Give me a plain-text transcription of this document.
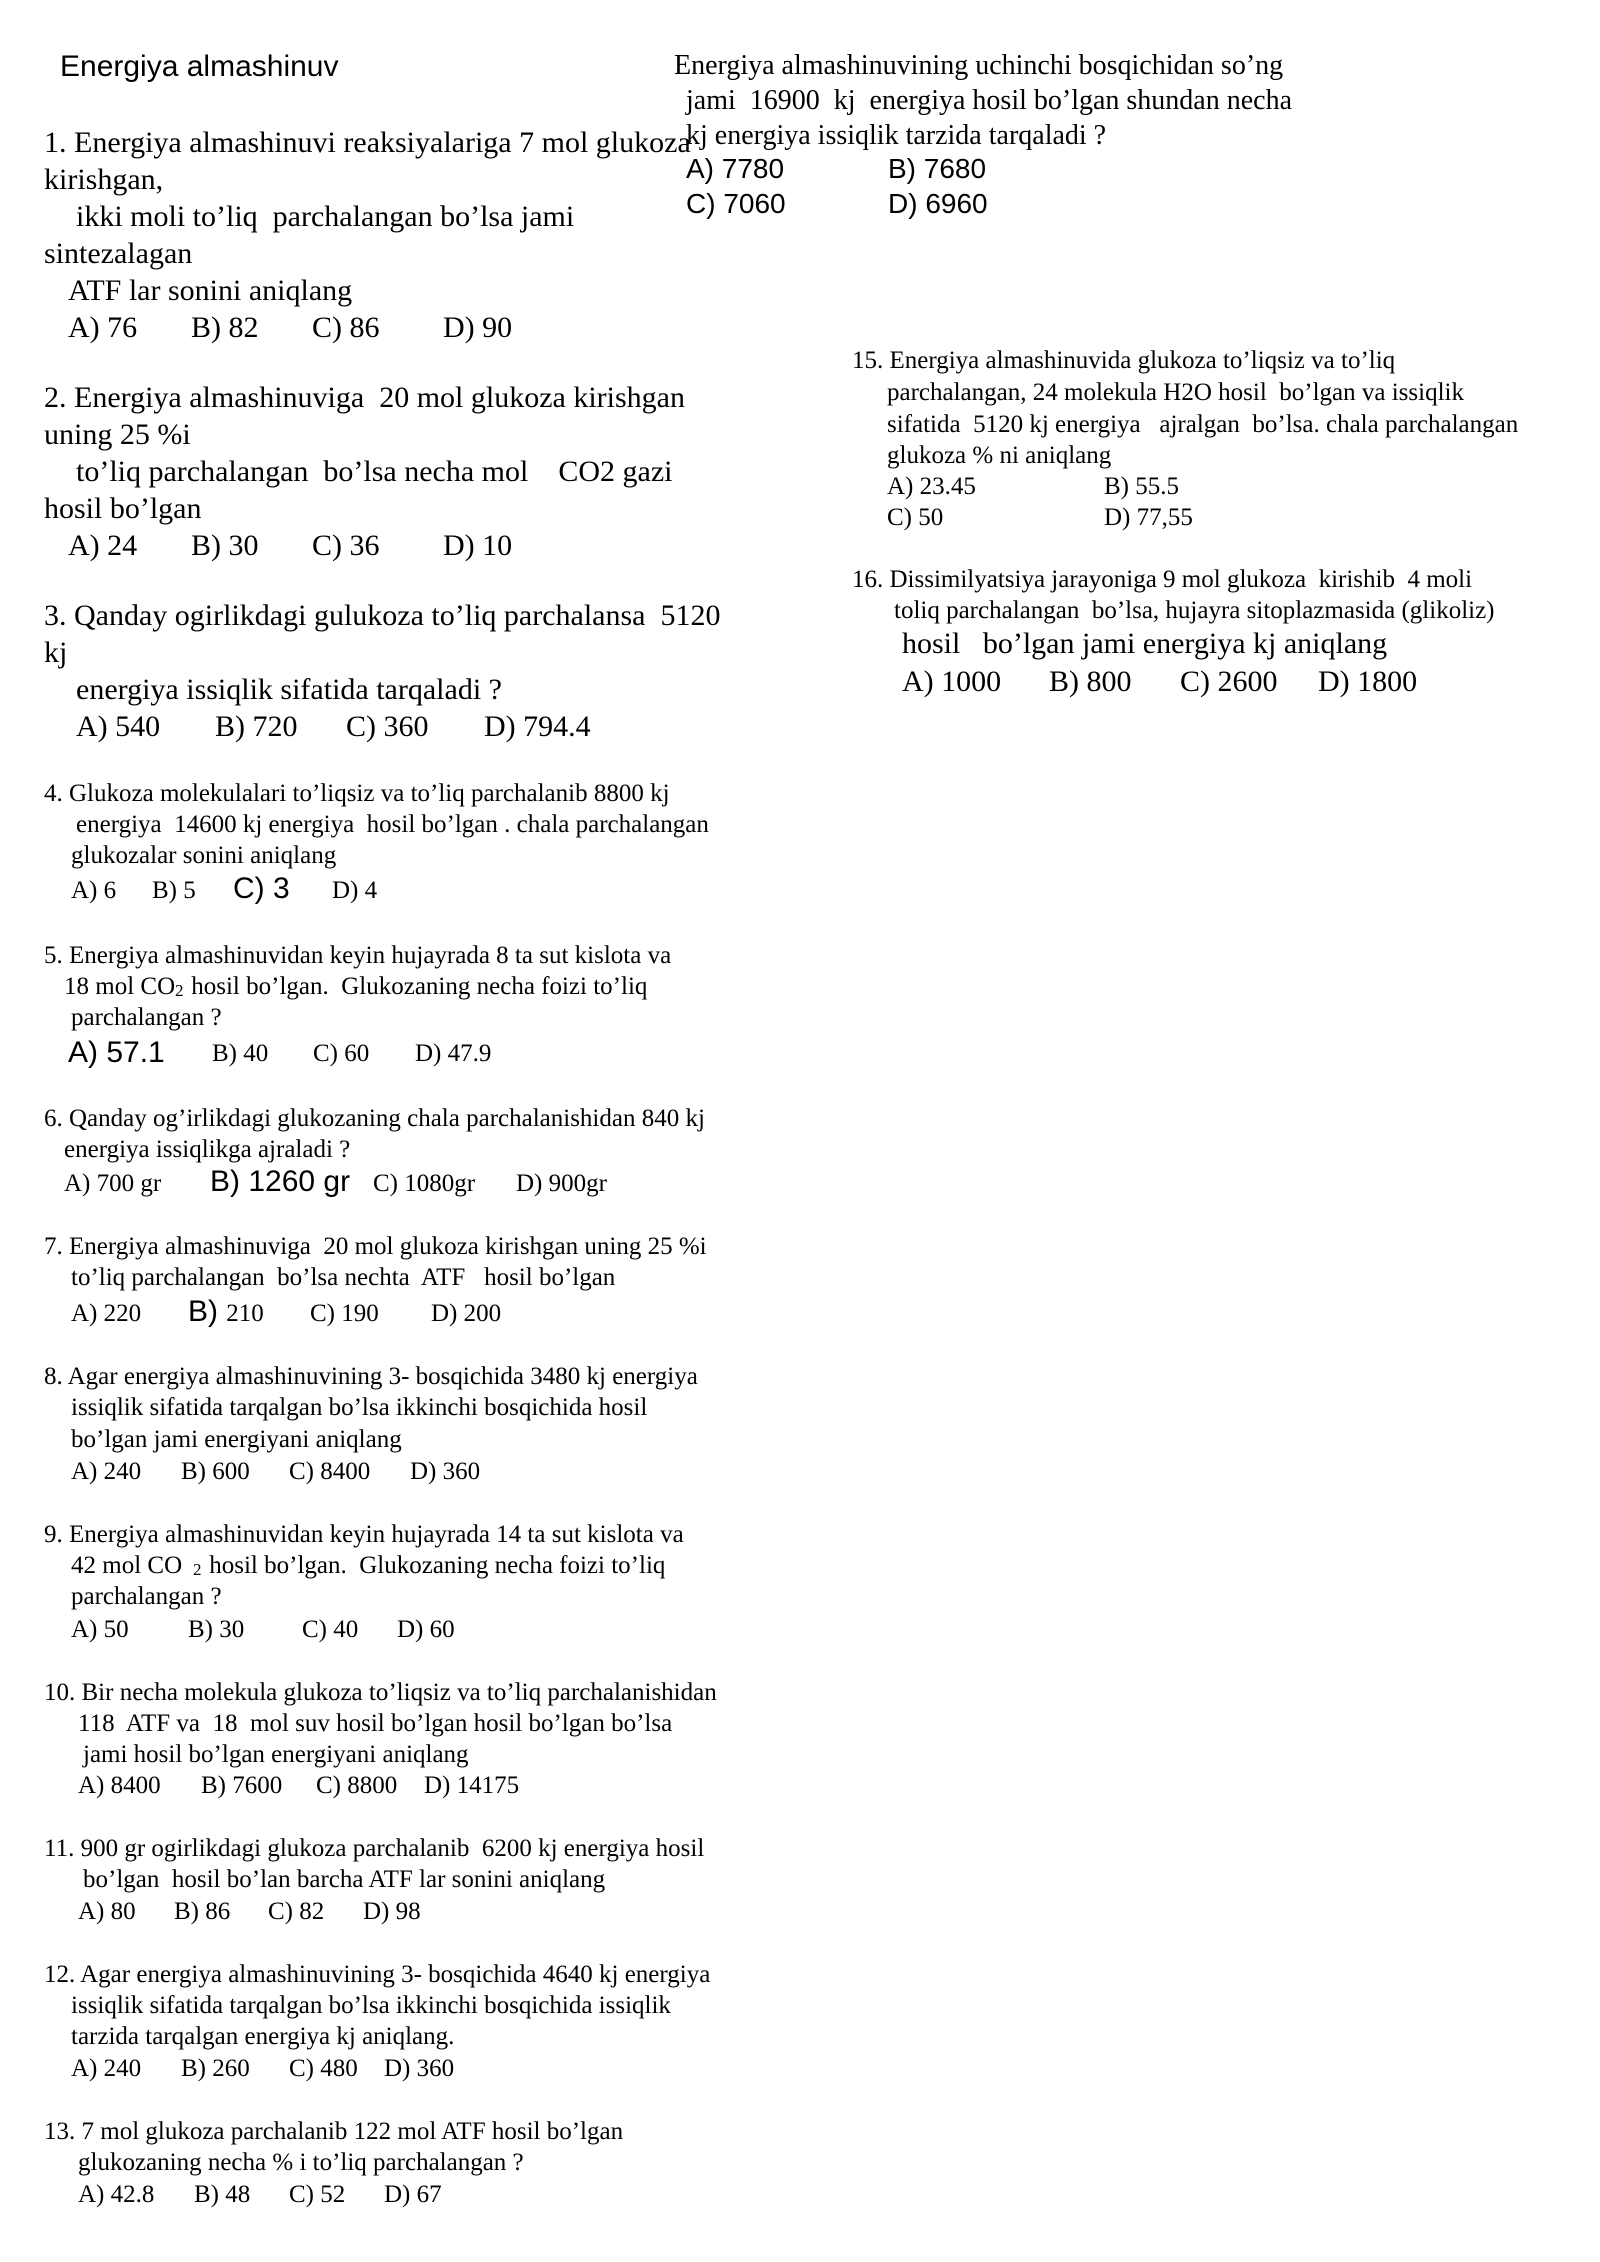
Energiya almashinuv
1. Energiya almashinuvi reaksiyalariga 7 mol glukoza
kirishgan,
ikki moli to’liq  parchalangan bo’lsa jami
sintezalagan
ATF lar sonini aniqlang
A) 76 B) 82 C) 86 D) 90
2. Energiya almashinuviga  20 mol glukoza kirishgan
uning 25 %i
to’liq parchalangan  bo’lsa necha mol    CO2 gazi
hosil bo’lgan
A) 24 B) 30 C) 36 D) 10
3. Qanday ogirlikdagi gulukoza to’liq parchalansa  5120
kj
energiya issiqlik sifatida tarqaladi ?
A) 540 B) 720 C) 360 D) 794.4
4. Glukoza molekulalari to’liqsiz va to’liq parchalanib 8800 kj
energiya  14600 kj energiya  hosil bo’lgan . chala parchalangan
glukozalar sonini aniqlang
A) 6 B) 5 C) 3 D) 4
5. Energiya almashinuvidan keyin hujayrada 8 ta sut kislota va
18 mol CO 2 hosil bo’lgan.  Glukozaning necha foizi to’liq
parchalangan ?
A) 57.1 B) 40 C) 60 D) 47.9
6. Qanday og’irlikdagi glukozaning chala parchalanishidan 840 kj
energiya issiqlikga ajraladi ?
A) 700 gr B) 1260 gr C) 1080gr D) 900gr
7. Energiya almashinuviga  20 mol glukoza kirishgan uning 25 %i
to’liq parchalangan  bo’lsa nechta  ATF   hosil bo’lgan
A) 220 B) 210 C) 190 D) 200
8. Agar energiya almashinuvining 3- bosqichida 3480 kj energiya
issiqlik sifatida tarqalgan bo’lsa ikkinchi bosqichida hosil
bo’lgan jami energiyani aniqlang
A) 240 B) 600 C) 8400 D) 360
9. Energiya almashinuvidan keyin hujayrada 14 ta sut kislota va
42 mol CO 2 hosil bo’lgan.  Glukozaning necha foizi to’liq
parchalangan ?
A) 50 B) 30 C) 40 D) 60
10. Bir necha molekula glukoza to’liqsiz va to’liq parchalanishidan
118  ATF va  18  mol suv hosil bo’lgan hosil bo’lgan bo’lsa
jami hosil bo’lgan energiyani aniqlang
A) 8400 B) 7600 C) 8800 D) 14175
11. 900 gr ogirlikdagi glukoza parchalanib  6200 kj energiya hosil
bo’lgan  hosil bo’lan barcha ATF lar sonini aniqlang
A) 80 B) 86 C) 82 D) 98
12. Agar energiya almashinuvining 3- bosqichida 4640 kj energiya
issiqlik sifatida tarqalgan bo’lsa ikkinchi bosqichida issiqlik
tarzida tarqalgan energiya kj aniqlang.
A) 240 B) 260 C) 480 D) 360
13. 7 mol glukoza parchalanib 122 mol ATF hosil bo’lgan
glukozaning necha % i to’liq parchalangan ?
A) 42.8 B) 48 C) 52 D) 67
Energiya almashinuvining uchinchi bosqichidan so’ng
jami  16900  kj  energiya hosil bo’lgan shundan necha
kj energiya issiqlik tarzida tarqaladi ?
A) 7780	B) 7680
C) 7060	D) 6960
15. Energiya almashinuvida glukoza to’liqsiz va to’liq
parchalangan, 24 molekula H2O hosil  bo’lgan va issiqlik
sifatida  5120 kj energiya   ajralgan  bo’lsa. chala parchalangan
glukoza % ni aniqlang
A) 23.45	B) 55.5
C) 50	D) 77,55
16. Dissimilyatsiya jarayoniga 9 mol glukoza  kirishib  4 moli
toliq parchalangan  bo’lsa, hujayra sitoplazmasida (glikoliz)
hosil   bo’lgan jami energiya kj aniqlang
A) 1000 B) 800 C) 2600 D) 1800
